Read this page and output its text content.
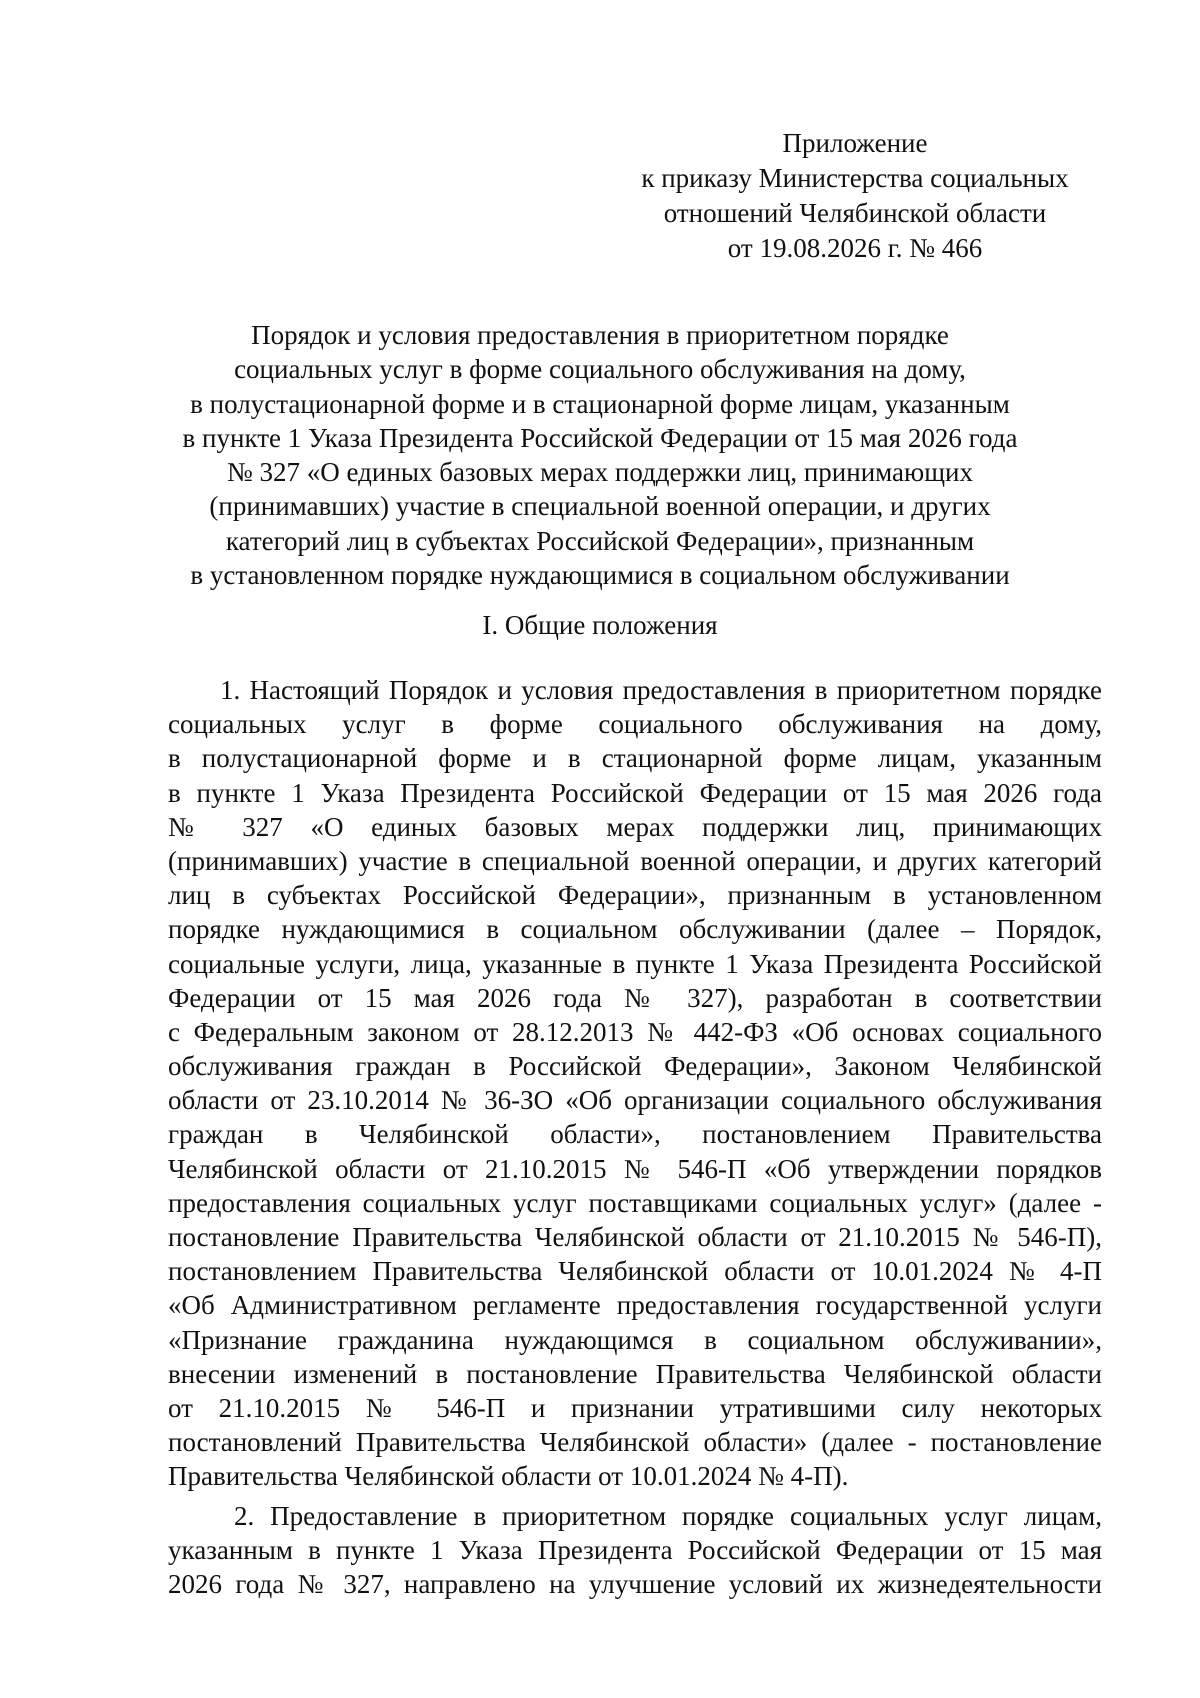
Приложение
к приказу Министерства социальных
отношений Челябинской области
от 19.08.2026 г. № 466
Порядок и условия предоставления в приоритетном порядке
социальных услуг в форме социального обслуживания на дому,
в полустационарной форме и в стационарной форме лицам, указанным
в пункте 1 Указа Президента Российской Федерации от 15 мая 2026 года
№ 327 «О единых базовых мерах поддержки лиц, принимающих
(принимавших) участие в специальной военной операции, и других
категорий лиц в субъектах Российской Федерации», признанным
в установленном порядке нуждающимися в социальном обслуживании
I. Общие положения
1. Настоящий Порядок и условия предоставления в приоритетном порядке
социальных услуг в форме социального обслуживания на дому,
в полустационарной форме и в стационарной форме лицам, указанным
в пункте 1 Указа Президента Российской Федерации от 15 мая 2026 года
№ 327 «О единых базовых мерах поддержки лиц, принимающих
(принимавших) участие в специальной военной операции, и других категорий
лиц в субъектах Российской Федерации», признанным в установленном
порядке нуждающимися в социальном обслуживании (далее – Порядок,
социальные услуги, лица, указанные в пункте 1 Указа Президента Российской
Федерации от 15 мая 2026 года № 327), разработан в соответствии
с Федеральным законом от 28.12.2013 № 442-ФЗ «Об основах социального
обслуживания граждан в Российской Федерации», Законом Челябинской
области от 23.10.2014 № 36-ЗО «Об организации социального обслуживания
граждан в Челябинской области», постановлением Правительства
Челябинской области от 21.10.2015 № 546-П «Об утверждении порядков
предоставления социальных услуг поставщиками социальных услуг» (далее -
постановление Правительства Челябинской области от 21.10.2015 № 546-П),
постановлением Правительства Челябинской области от 10.01.2024 № 4-П
«Об Административном регламенте предоставления государственной услуги
«Признание гражданина нуждающимся в социальном обслуживании»,
внесении изменений в постановление Правительства Челябинской области
от 21.10.2015 № 546-П и признании утратившими силу некоторых
постановлений Правительства Челябинской области» (далее - постановление
Правительства Челябинской области от 10.01.2024 № 4-П).
2. Предоставление в приоритетном порядке социальных услуг лицам,
указанным в пункте 1 Указа Президента Российской Федерации от 15 мая
2026 года № 327, направлено на улучшение условий их жизнедеятельности
